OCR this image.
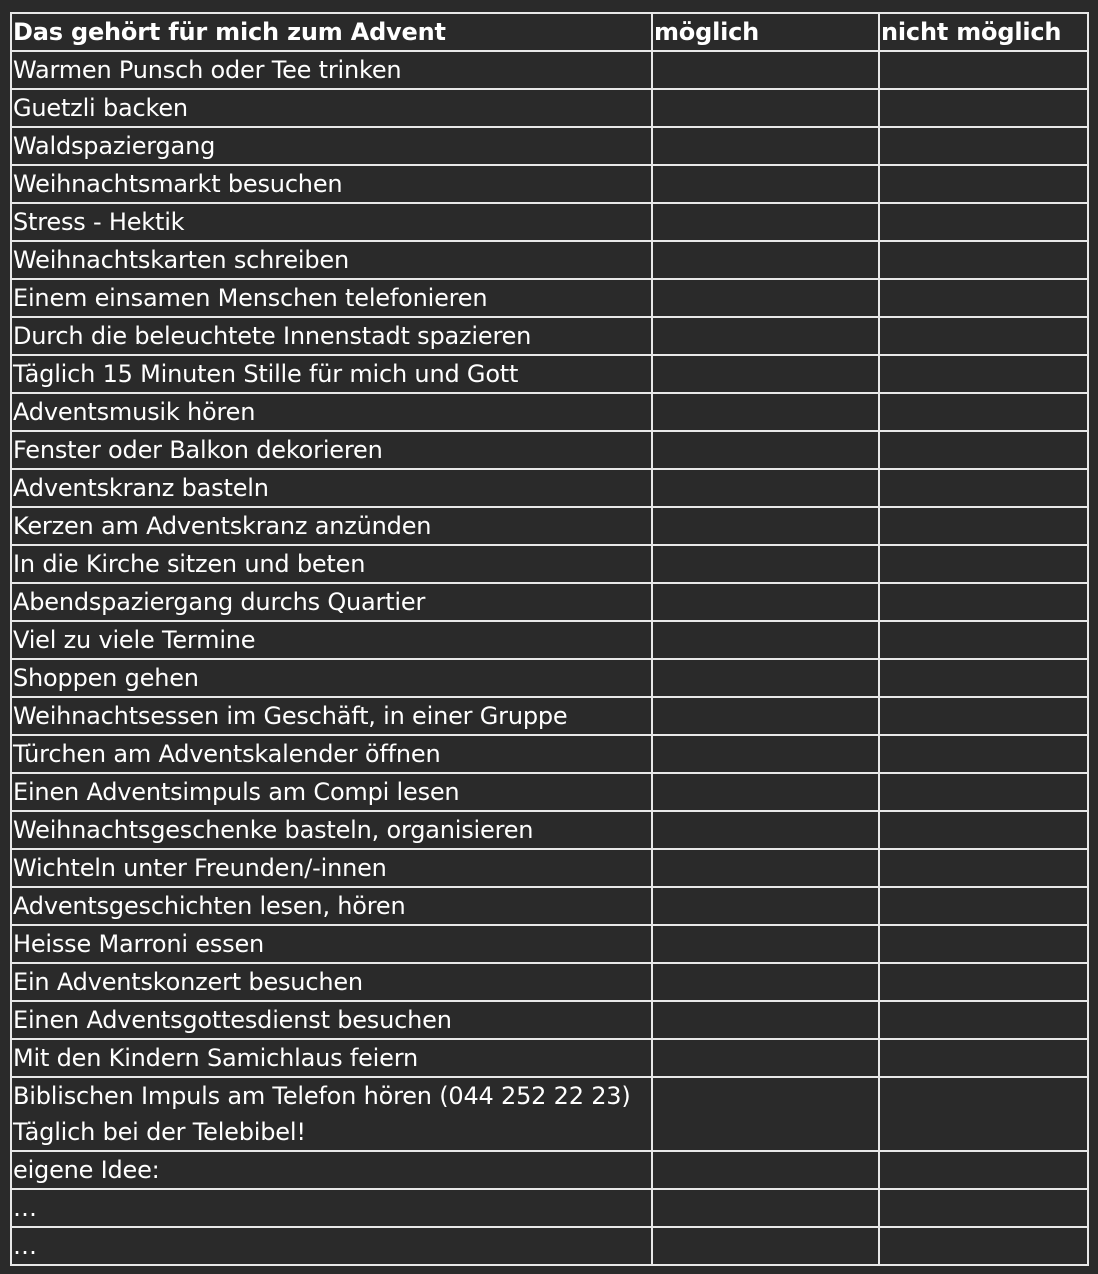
Das gehört für mich zum Advent	möglich	nicht möglich
Warmen Punsch oder Tee trinken		
Guetzli backen		
Waldspaziergang		
Weihnachtsmarkt besuchen		
Stress - Hektik		
Weihnachtskarten schreiben		
Einem einsamen Menschen telefonieren		
Durch die beleuchtete Innenstadt spazieren		
Täglich 15 Minuten Stille für mich und Gott		
Adventsmusik hören		
Fenster oder Balkon dekorieren		
Adventskranz basteln		
Kerzen am Adventskranz anzünden		
In die Kirche sitzen und beten		
Abendspaziergang durchs Quartier		
Viel zu viele Termine		
Shoppen gehen		
Weihnachtsessen im Geschäft, in einer Gruppe		
Türchen am Adventskalender öffnen		
Einen Adventsimpuls am Compi lesen		
Weihnachtsgeschenke basteln, organisieren		
Wichteln unter Freunden/-innen		
Adventsgeschichten lesen, hören		
Heisse Marroni essen		
Ein Adventskonzert besuchen		
Einen Adventsgottesdienst besuchen		
Mit den Kindern Samichlaus feiern		

Biblischen Impuls am Telefon hören (044 252 22 23)
Täglich bei der Telebibel!		

eigene Idee:		
…		
…		
